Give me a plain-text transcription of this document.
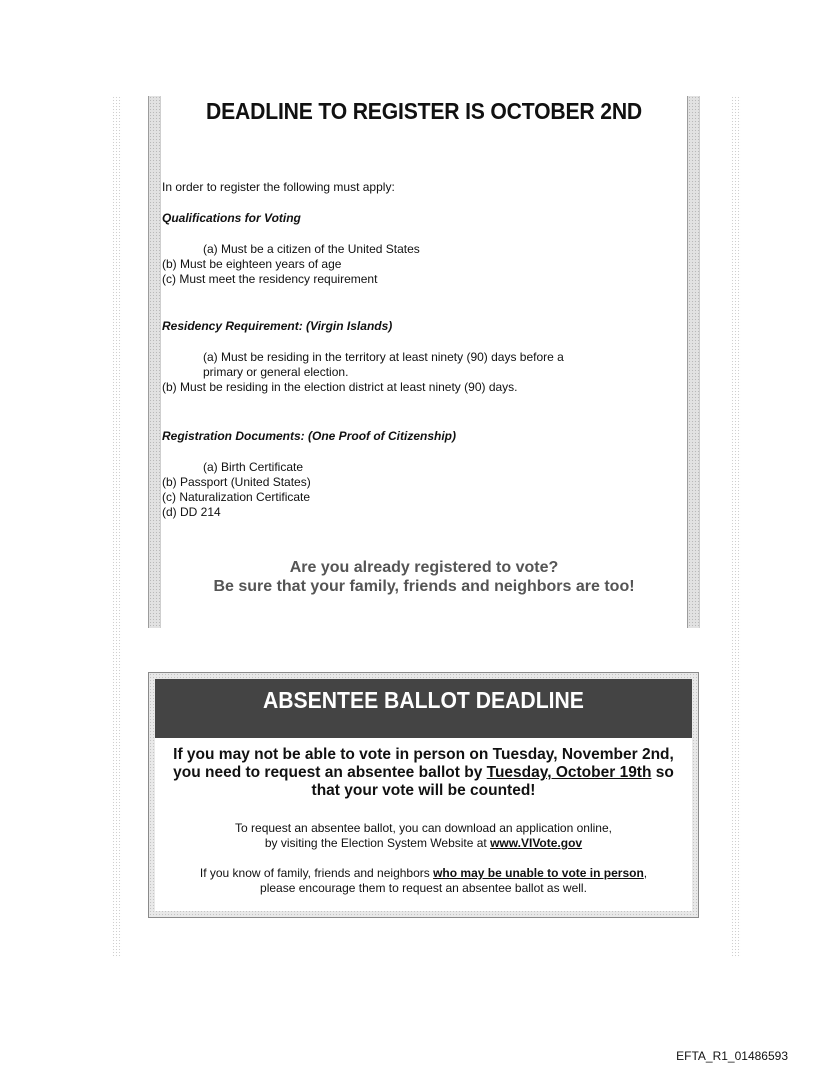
DEADLINE TO REGISTER IS OCTOBER 2ND
In order to register the following must apply:
Qualifications for Voting
(a) Must be a citizen of the United States
(b) Must be eighteen years of age
(c) Must meet the residency requirement
Residency Requirement: (Virgin Islands)
(a) Must be residing in the territory at least ninety (90) days before a
primary or general election.
(b) Must be residing in the election district at least ninety (90) days.
Registration Documents: (One Proof of Citizenship)
(a) Birth Certificate
(b) Passport (United States)
(c) Naturalization Certificate
(d) DD 214
Are you already registered to vote?
Be sure that your family, friends and neighbors are too!
ABSENTEE BALLOT DEADLINE
If you may not be able to vote in person on Tuesday, November 2nd,
you need to request an absentee ballot by Tuesday, October 19th so
that your vote will be counted!
To request an absentee ballot, you can download an application online,
by visiting the Election System Website at www.VIVote.gov
If you know of family, friends and neighbors who may be unable to vote in person,
please encourage them to request an absentee ballot as well.
EFTA_R1_01486593
